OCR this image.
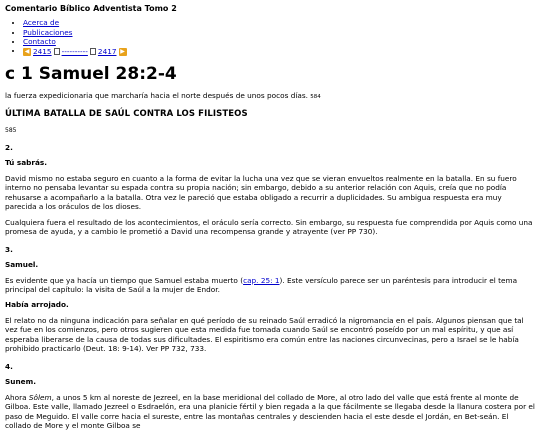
Comentario Bíblico Adventista Tomo 2
• Acerca de
• Publicaciones
• Contacto
• ◀ 2415 ---------- 2417 ▶
c 1 Samuel 28:2-4

la fuerza expedicionaria que marcharía hacia el norte después de unos pocos días. 584

ÚLTIMA BATALLA DE SAÚL CONTRA LOS FILISTEOS
585
2.
Tú sabrás.

David mismo no estaba seguro en cuanto a la forma de evitar la lucha una vez que se vieran envueltos realmente en la batalla. En su fuero interno no pensaba levantar su espada contra su propia nación; sin embargo, debido a su anterior relación con Aquis, creía que no podía rehusarse a acompañarlo a la batalla. Otra vez le pareció que estaba obligado a recurrir a duplicidades. Su ambigua respuesta era muy parecida a los oráculos de los dioses.

Cualquiera fuera el resultado de los acontecimientos, el oráculo sería correcto. Sin embargo, su respuesta fue comprendida por Aquis como una promesa de ayuda, y a cambio le prometió a David una recompensa grande y atrayente (ver PP 730).

3.
Samuel.

Es evidente que ya hacía un tiempo que Samuel estaba muerto (cap. 25: 1). Este versículo parece ser un paréntesis para introducir el tema principal del capítulo: la visita de Saúl a la mujer de Endor.

Había arrojado.

El relato no da ninguna indicación para señalar en qué período de su reinado Saúl erradicó la nigromancia en el país. Algunos piensan que tal vez fue en los comienzos, pero otros sugieren que esta medida fue tomada cuando Saúl se encontró poseído por un mal espíritu, y que así esperaba liberarse de la causa de todas sus dificultades. El espiritismo era común entre las naciones circunvecinas, pero a Israel se le había prohibido practicarlo (Deut. 18: 9-14). Ver PP 732, 733.

4.
Sunem.

Ahora Sôlem, a unos 5 km al noreste de Jezreel, en la base meridional del collado de More, al otro lado del valle que está frente al monte de Gilboa. Este valle, llamado Jezreel o Esdraelón, era una planicie fértil y bien regada a la que fácilmente se llegaba desde la llanura costera por el paso de Meguido. El valle corre hacia el sureste, entre las montañas centrales y descienden hacia el este desde el Jordán, en Bet-seán. El collado de More y el monte Gilboa se
